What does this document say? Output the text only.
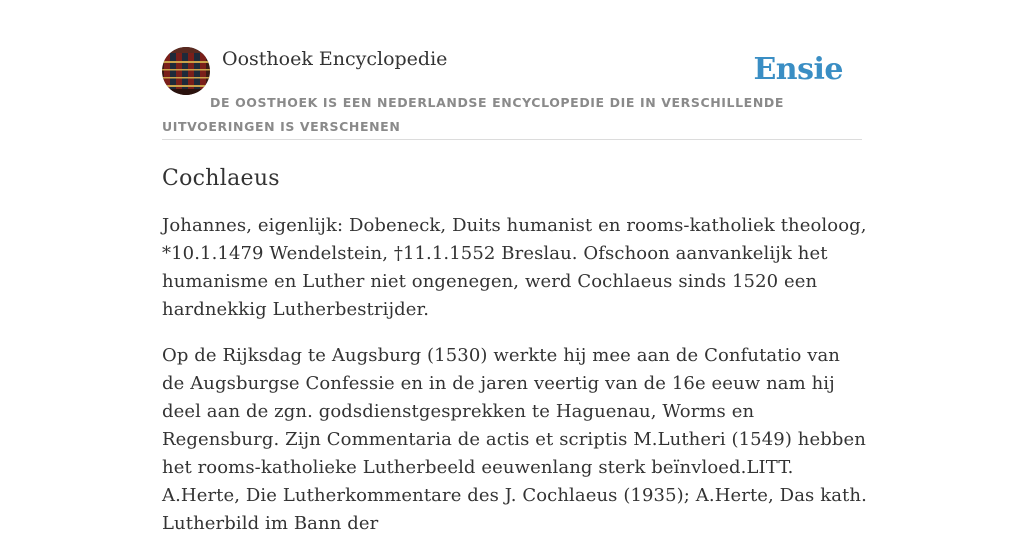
Oosthoek Encyclopedie	Ensie

DE OOSTHOEK IS EEN NEDERLANDSE ENCYCLOPEDIE DIE IN VERSCHILLENDE UITVOERINGEN IS VERSCHENEN

Cochlaeus

Johannes, eigenlijk: Dobeneck, Duits humanist en rooms-katholiek theoloog, *10.1.1479 Wendelstein, †11.1.1552 Breslau. Ofschoon aanvankelijk het humanisme en Luther niet ongenegen, werd Cochlaeus sinds 1520 een hardnekkig Lutherbestrijder.

Op de Rijksdag te Augsburg (1530) werkte hij mee aan de Confutatio van de Augsburgse Confessie en in de jaren veertig van de 16e eeuw nam hij deel aan de zgn. godsdienstgesprekken te Haguenau, Worms en Regensburg. Zijn Commentaria de actis et scriptis M.Lutheri (1549) hebben het rooms-katholieke Lutherbeeld eeuwenlang sterk beïnvloed.LITT. A.Herte, Die Lutherkommentare des J. Cochlaeus (1935); A.Herte, Das kath. Lutherbild im Bann der
